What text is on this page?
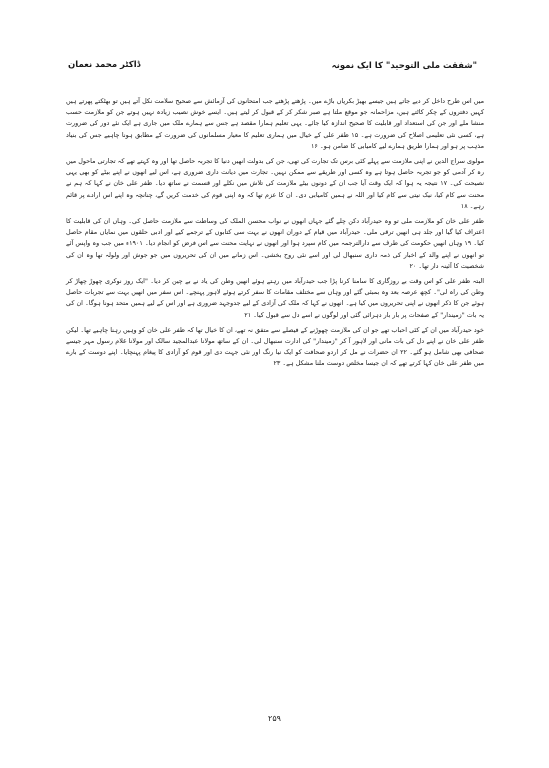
"شفقت ملی التوحید" کا ایک نمونہ
ڈاکٹر محمد نعمان

میں اس طرح داخل کر دیے جاتے ہیں جیسے بھیڑ بکریاں باڑے میں۔ پڑھتے پڑھتے جب امتحانوں کی آزمائش سے صحیح سلامت نکل آتے ہیں تو بھٹکتے پھرتے ہیں کہیں دفتروں کے چکر کاٹتے ہیں، مزاحمانہ جو موقع ملتا ہے صبر شکر کر کے قبول کر لیتے ہیں۔ ایسے خوش نصیب زیادہ نہیں ہوتے جن کو ملازمت حسب منشا ملے اور جن کی استعداد اور قابلیت کا صحیح اندازہ کیا جائے۔ یہی تعلیم ہمارا مقصد ہے جس سے ہمارے ملک میں جاری ہے ایک نئے دور کی ضرورت ہے، کسی نئی تعلیمی اصلاح کی ضرورت ہے۔ ۱۵ ظفر علی کے خیال میں ہماری تعلیم کا معیار مسلمانوں کی ضرورت کے مطابق ہونا چاہیے جس کی بنیاد مذہب پر ہو اور ہمارا طریق ہمارے لیے کامیابی کا ضامن ہو۔ ۱۶

مولوی سراج الدین نے اپنی ملازمت سے پہلے کئی برس تک تجارت کی تھی، جن کی بدولت انھیں دنیا کا تجربہ حاصل تھا اور وہ کہتے تھے کہ تجارتی ماحول میں رہ کر آدمی کو جو تجربہ حاصل ہوتا ہے وہ کسی اور طریقے سے ممکن نہیں۔ تجارت میں دیانت داری ضروری ہے، اس لیے انھوں نے اپنے بیٹے کو بھی یہی نصیحت کی۔ ۱۷ نتیجہ یہ ہوا کہ ایک وقت آیا جب ان کے دونوں بیٹے ملازمت کی تلاش میں نکلے اور قسمت نے ساتھ دیا۔ ظفر علی خان نے کہا کہ ہم نے محنت سے کام کیا، نیک نیتی سے کام کیا اور اللہ نے ہمیں کامیابی دی۔ ان کا عزم تھا کہ وہ اپنی قوم کی خدمت کریں گے، چنانچہ وہ اپنے اس ارادے پر قائم رہے۔ ۱۸

ظفر علی خان کو ملازمت ملی تو وہ حیدرآباد دکن چلے گئے جہاں انھوں نے نواب محسن الملک کی وساطت سے ملازمت حاصل کی۔ وہاں ان کی قابلیت کا اعتراف کیا گیا اور جلد ہی انھیں ترقی ملی۔ حیدرآباد میں قیام کے دوران انھوں نے بہت سی کتابوں کے ترجمے کیے اور ادبی حلقوں میں نمایاں مقام حاصل کیا۔ ۱۹ وہاں انھیں حکومت کی طرف سے دارالترجمہ میں کام سپرد ہوا اور انھوں نے نہایت محنت سے اس فرض کو انجام دیا۔ ۱۹۰۱ء میں جب وہ واپس آئے تو انھوں نے اپنے والد کے اخبار کی ذمہ داری سنبھال لی اور اسے نئی روح بخشی۔ اس زمانے میں ان کی تحریروں میں جو جوش اور ولولہ تھا وہ ان کی شخصیت کا آئینہ دار تھا۔ ۲۰

البتہ ظفر علی کو اس وقت بے روزگاری کا سامنا کرنا پڑا جب حیدرآباد میں رہتے ہوئے انھیں وطن کی یاد نے بے چین کر دیا۔ "ایک روز نوکری چھوڑ چھاڑ کر وطن کی راہ لی"۔ کچھ عرصہ بعد وہ بمبئی گئے اور وہاں سے مختلف مقامات کا سفر کرتے ہوئے لاہور پہنچے۔ اس سفر میں انھیں بہت سے تجربات حاصل ہوئے جن کا ذکر انھوں نے اپنی تحریروں میں کیا ہے۔ انھوں نے کہا کہ ملک کی آزادی کے لیے جدوجہد ضروری ہے اور اس کے لیے ہمیں متحد ہونا ہوگا۔ ان کی یہ بات "زمیندار" کے صفحات پر بار بار دہرائی گئی اور لوگوں نے اسے دل سے قبول کیا۔ ۲۱

خود حیدرآباد میں ان کے کئی احباب تھے جو ان کی ملازمت چھوڑنے کے فیصلے سے متفق نہ تھے، ان کا خیال تھا کہ ظفر علی خان کو وہیں رہنا چاہیے تھا۔ لیکن ظفر علی خان نے اپنے دل کی بات مانی اور لاہور آ کر "زمیندار" کی ادارت سنبھال لی۔ ان کے ساتھ مولانا عبدالمجید سالک اور مولانا غلام رسول مہر جیسے صحافی بھی شامل ہو گئے۔ ۲۲ ان حضرات نے مل کر اردو صحافت کو ایک نیا رنگ اور نئی جہت دی اور قوم کو آزادی کا پیغام پہنچایا۔ اپنے دوست کے بارے میں ظفر علی خان کہا کرتے تھے کہ ان جیسا مخلص دوست ملنا مشکل ہے۔ ۲۳

۲۵۹
